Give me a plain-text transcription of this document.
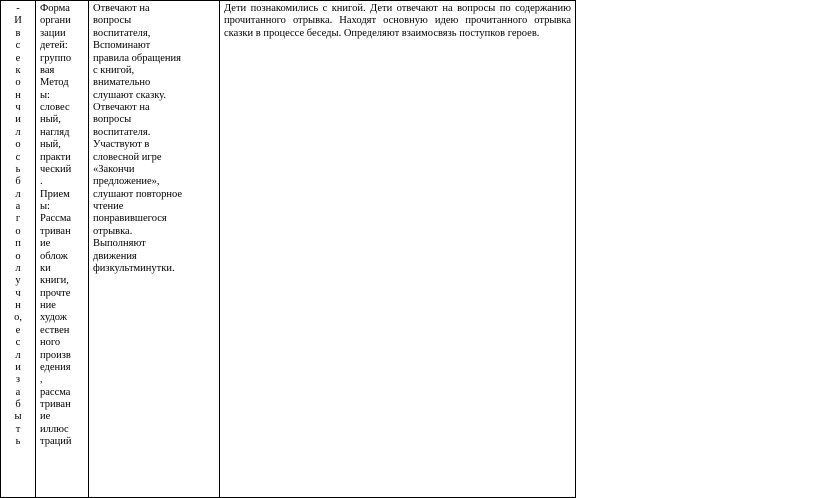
-
И
в
с
е
к
о
н
ч
и
л
о
с
ь
б
л
а
г
о
п
о
л
у
ч
н
о,
е
с
л
и
з
а
б
ы
т
ь

Форма
органи
зации
детей:
группо
вая
Метод
ы:
словес
ный,
нагляд
ный,
практи
ческий
.
Прием
ы:
Рассма
триван
ие
облож
ки
книги,
прочте
ние
худож
ествен
ного
произв
едения
,
рассма
триван
ие
иллюс
траций

Отвечают на
вопросы
воспитателя,
Вспоминают
правила обращения
с книгой,
внимательно
слушают сказку.
Отвечают на
вопросы
воспитателя.
Участвуют в
словесной игре
«Закончи
предложение»,
слушают повторное
чтение
понравившегося
отрывка.
Выполняют
движения
физкультминутки.
	Дети познакомились с книгой. Дети отвечают на вопросы по содержанию прочитанного отрывка. Находят основную идею прочитанного отрывка сказки в процессе беседы. Определяют взаимосвязь поступков героев.
